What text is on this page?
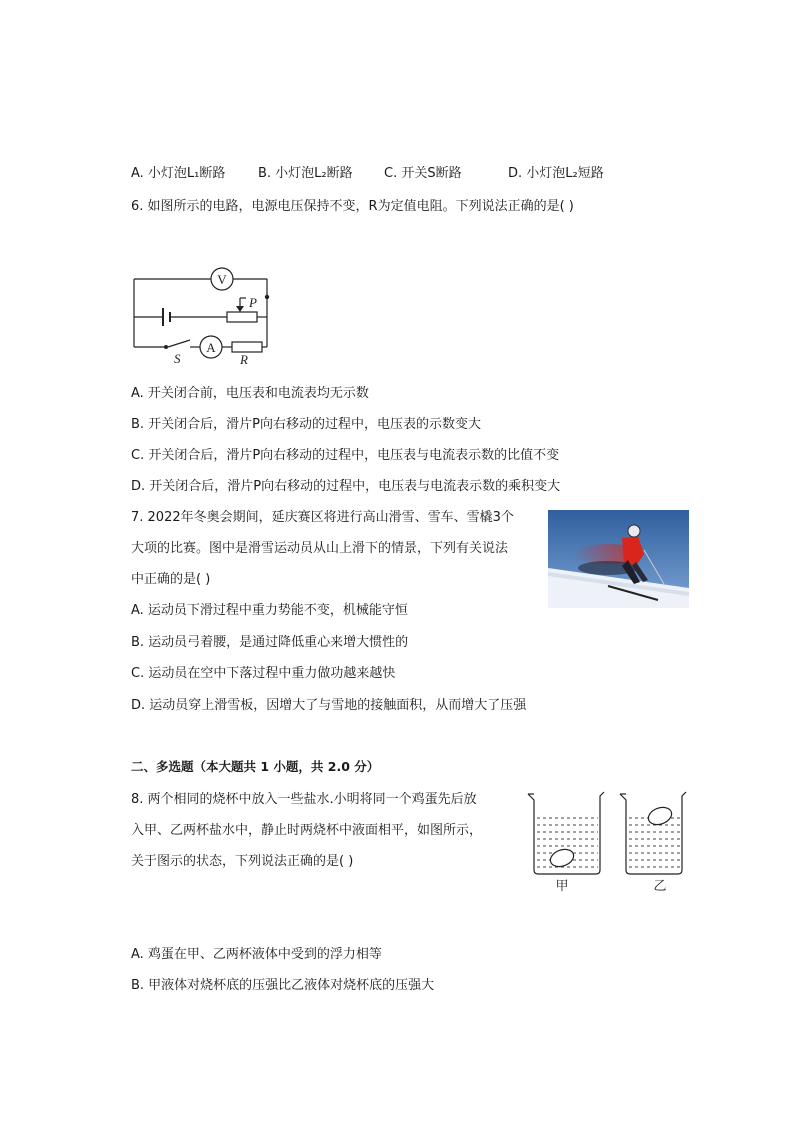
A. 小灯泡L₁断路	B. 小灯泡L₂断路 C. 开关S断路	D. 小灯泡L₂短路
6. 如图所示的电路，电源电压保持不变，R为定值电阻。下列说法正确的是( )
V
A
P
S	R
A. 开关闭合前，电压表和电流表均无示数
B. 开关闭合后，滑片P向右移动的过程中，电压表的示数变大
C. 开关闭合后，滑片P向右移动的过程中，电压表与电流表示数的比值不变
D. 开关闭合后，滑片P向右移动的过程中，电压表与电流表示数的乘积变大
7. 2022年冬奥会期间，延庆赛区将进行高山滑雪、雪车、雪橇3个
大项的比赛。图中是滑雪运动员从山上滑下的情景，下列有关说法
中正确的是( )
A. 运动员下滑过程中重力势能不变，机械能守恒
B. 运动员弓着腰，是通过降低重心来增大惯性的
C. 运动员在空中下落过程中重力做功越来越快
D. 运动员穿上滑雪板，因增大了与雪地的接触面积，从而增大了压强
二、多选题（本大题共 1 小题，共 2.0 分）
8. 两个相同的烧杯中放入一些盐水.小明将同一个鸡蛋先后放
入甲、乙两杯盐水中，静止时两烧杯中液面相平，如图所示，
关于图示的状态，下列说法正确的是( )
甲	乙
A. 鸡蛋在甲、乙两杯液体中受到的浮力相等
B. 甲液体对烧杯底的压强比乙液体对烧杯底的压强大
